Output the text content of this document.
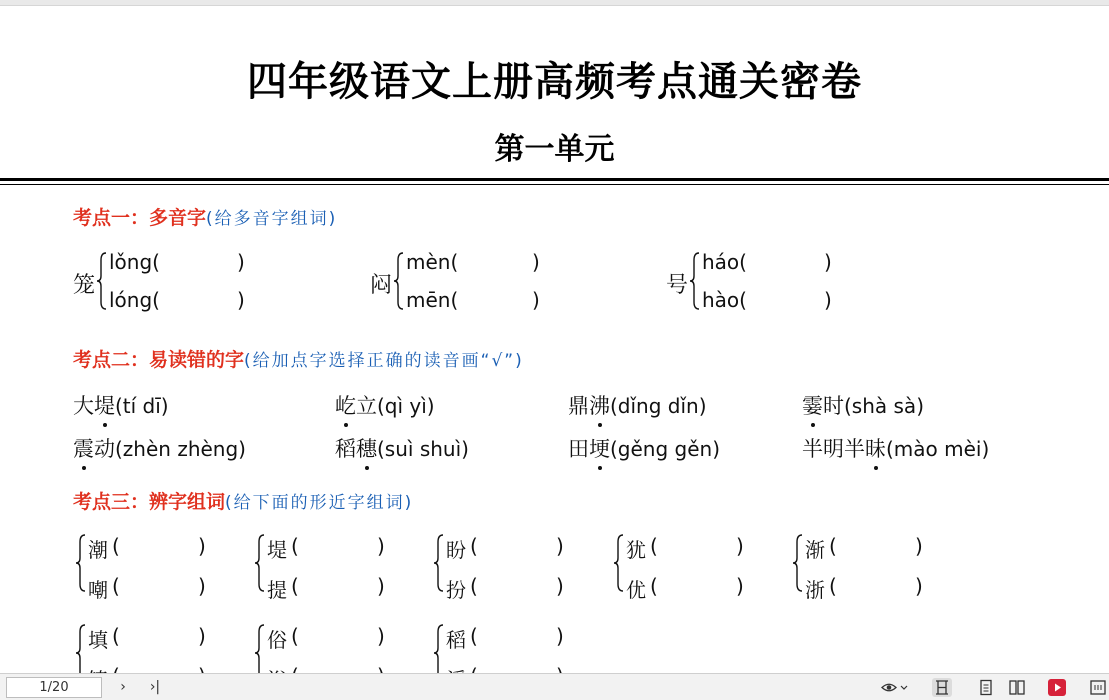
四年级语文上册高频考点通关密卷
第一单元
考点一：多音字(给多音字组词)
笼
lǒng(	)
lóng(	)
闷
mèn(	)
mēn(	)
号
háo(	)
hào(	)
考点二：易读错的字(给加点字选择正确的读音画“√”)
大堤(tí dī)	屹立(qì yì)	鼎沸(dǐng dǐn)	霎时(shà sà)
震动(zhèn zhèng)	稻穗(suì shuì)	田埂(gěng gěn)	半明半昧(mào mèi)
考点三：辨字组词(给下面的形近字组词)
潮 (	)
嘲 (	)
堤 (	)
提 (	)
盼 (	)
扮 (	)
犹 (	)
优 (	)
渐 (	)
浙 (	)
填 (	)	俗 (	)	稻 (	)
1/20	›	›|
